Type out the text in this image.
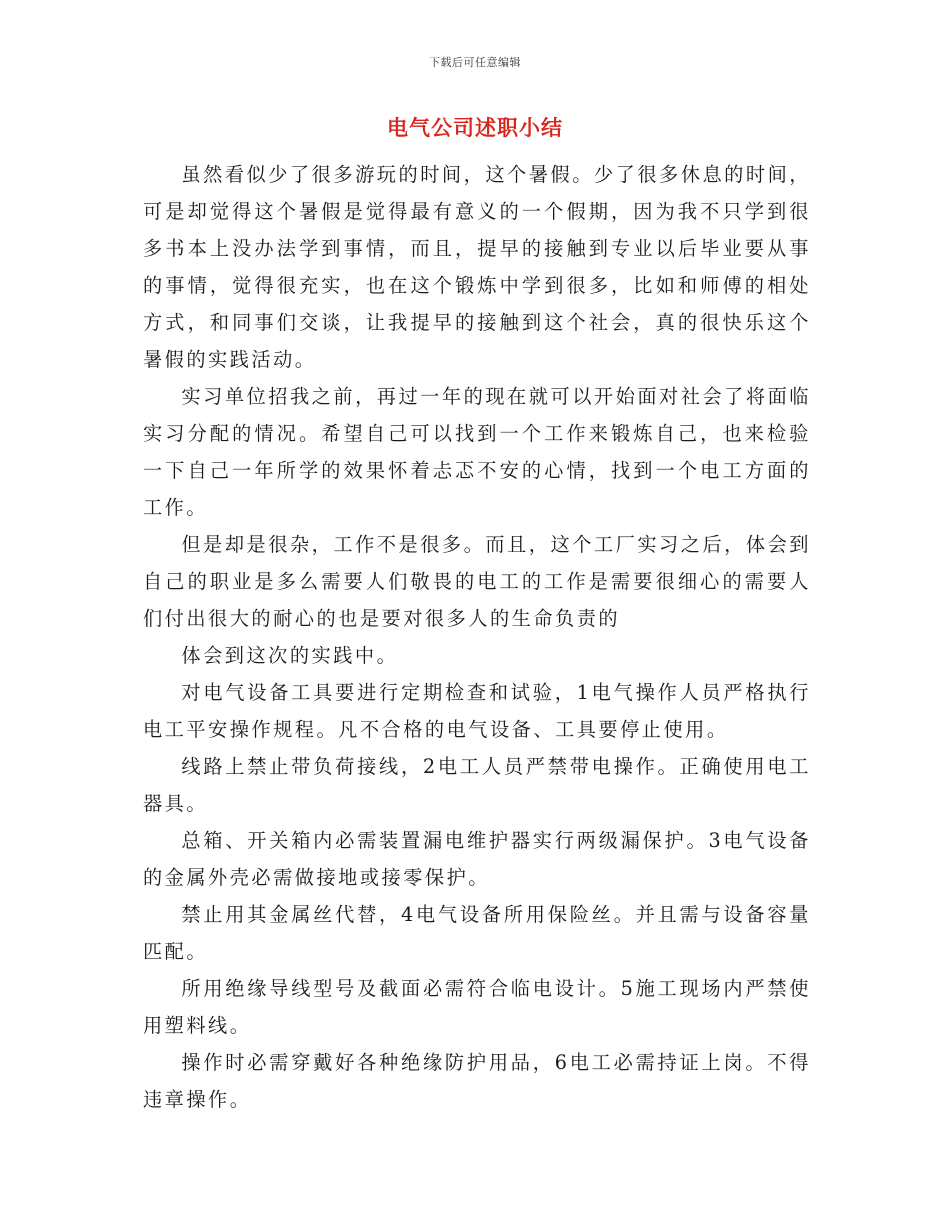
下载后可任意编辑
电气公司述职小结

虽然看似少了很多游玩的时间，这个暑假。少了很多休息的时间，可是却觉得这个暑假是觉得最有意义的一个假期，因为我不只学到很多书本上没办法学到事情，而且，提早的接触到专业以后毕业要从事的事情，觉得很充实，也在这个锻炼中学到很多，比如和师傅的相处方式，和同事们交谈，让我提早的接触到这个社会，真的很快乐这个暑假的实践活动。

实习单位招我之前，再过一年的现在就可以开始面对社会了将面临实习分配的情况。希望自己可以找到一个工作来锻炼自己，也来检验一下自己一年所学的效果怀着忐忑不安的心情，找到一个电工方面的工作。

但是却是很杂，工作不是很多。而且，这个工厂实习之后，体会到自己的职业是多么需要人们敬畏的电工的工作是需要很细心的需要人们付出很大的耐心的也是要对很多人的生命负责的

体会到这次的实践中。

对电气设备工具要进行定期检查和试验，1电气操作人员严格执行电工平安操作规程。凡不合格的电气设备、工具要停止使用。

线路上禁止带负荷接线，2电工人员严禁带电操作。正确使用电工器具。

总箱、开关箱内必需装置漏电维护器实行两级漏保护。3电气设备的金属外壳必需做接地或接零保护。

禁止用其金属丝代替，4电气设备所用保险丝。并且需与设备容量匹配。

所用绝缘导线型号及截面必需符合临电设计。5施工现场内严禁使用塑料线。

操作时必需穿戴好各种绝缘防护用品，6电工必需持证上岗。不得违章操作。
